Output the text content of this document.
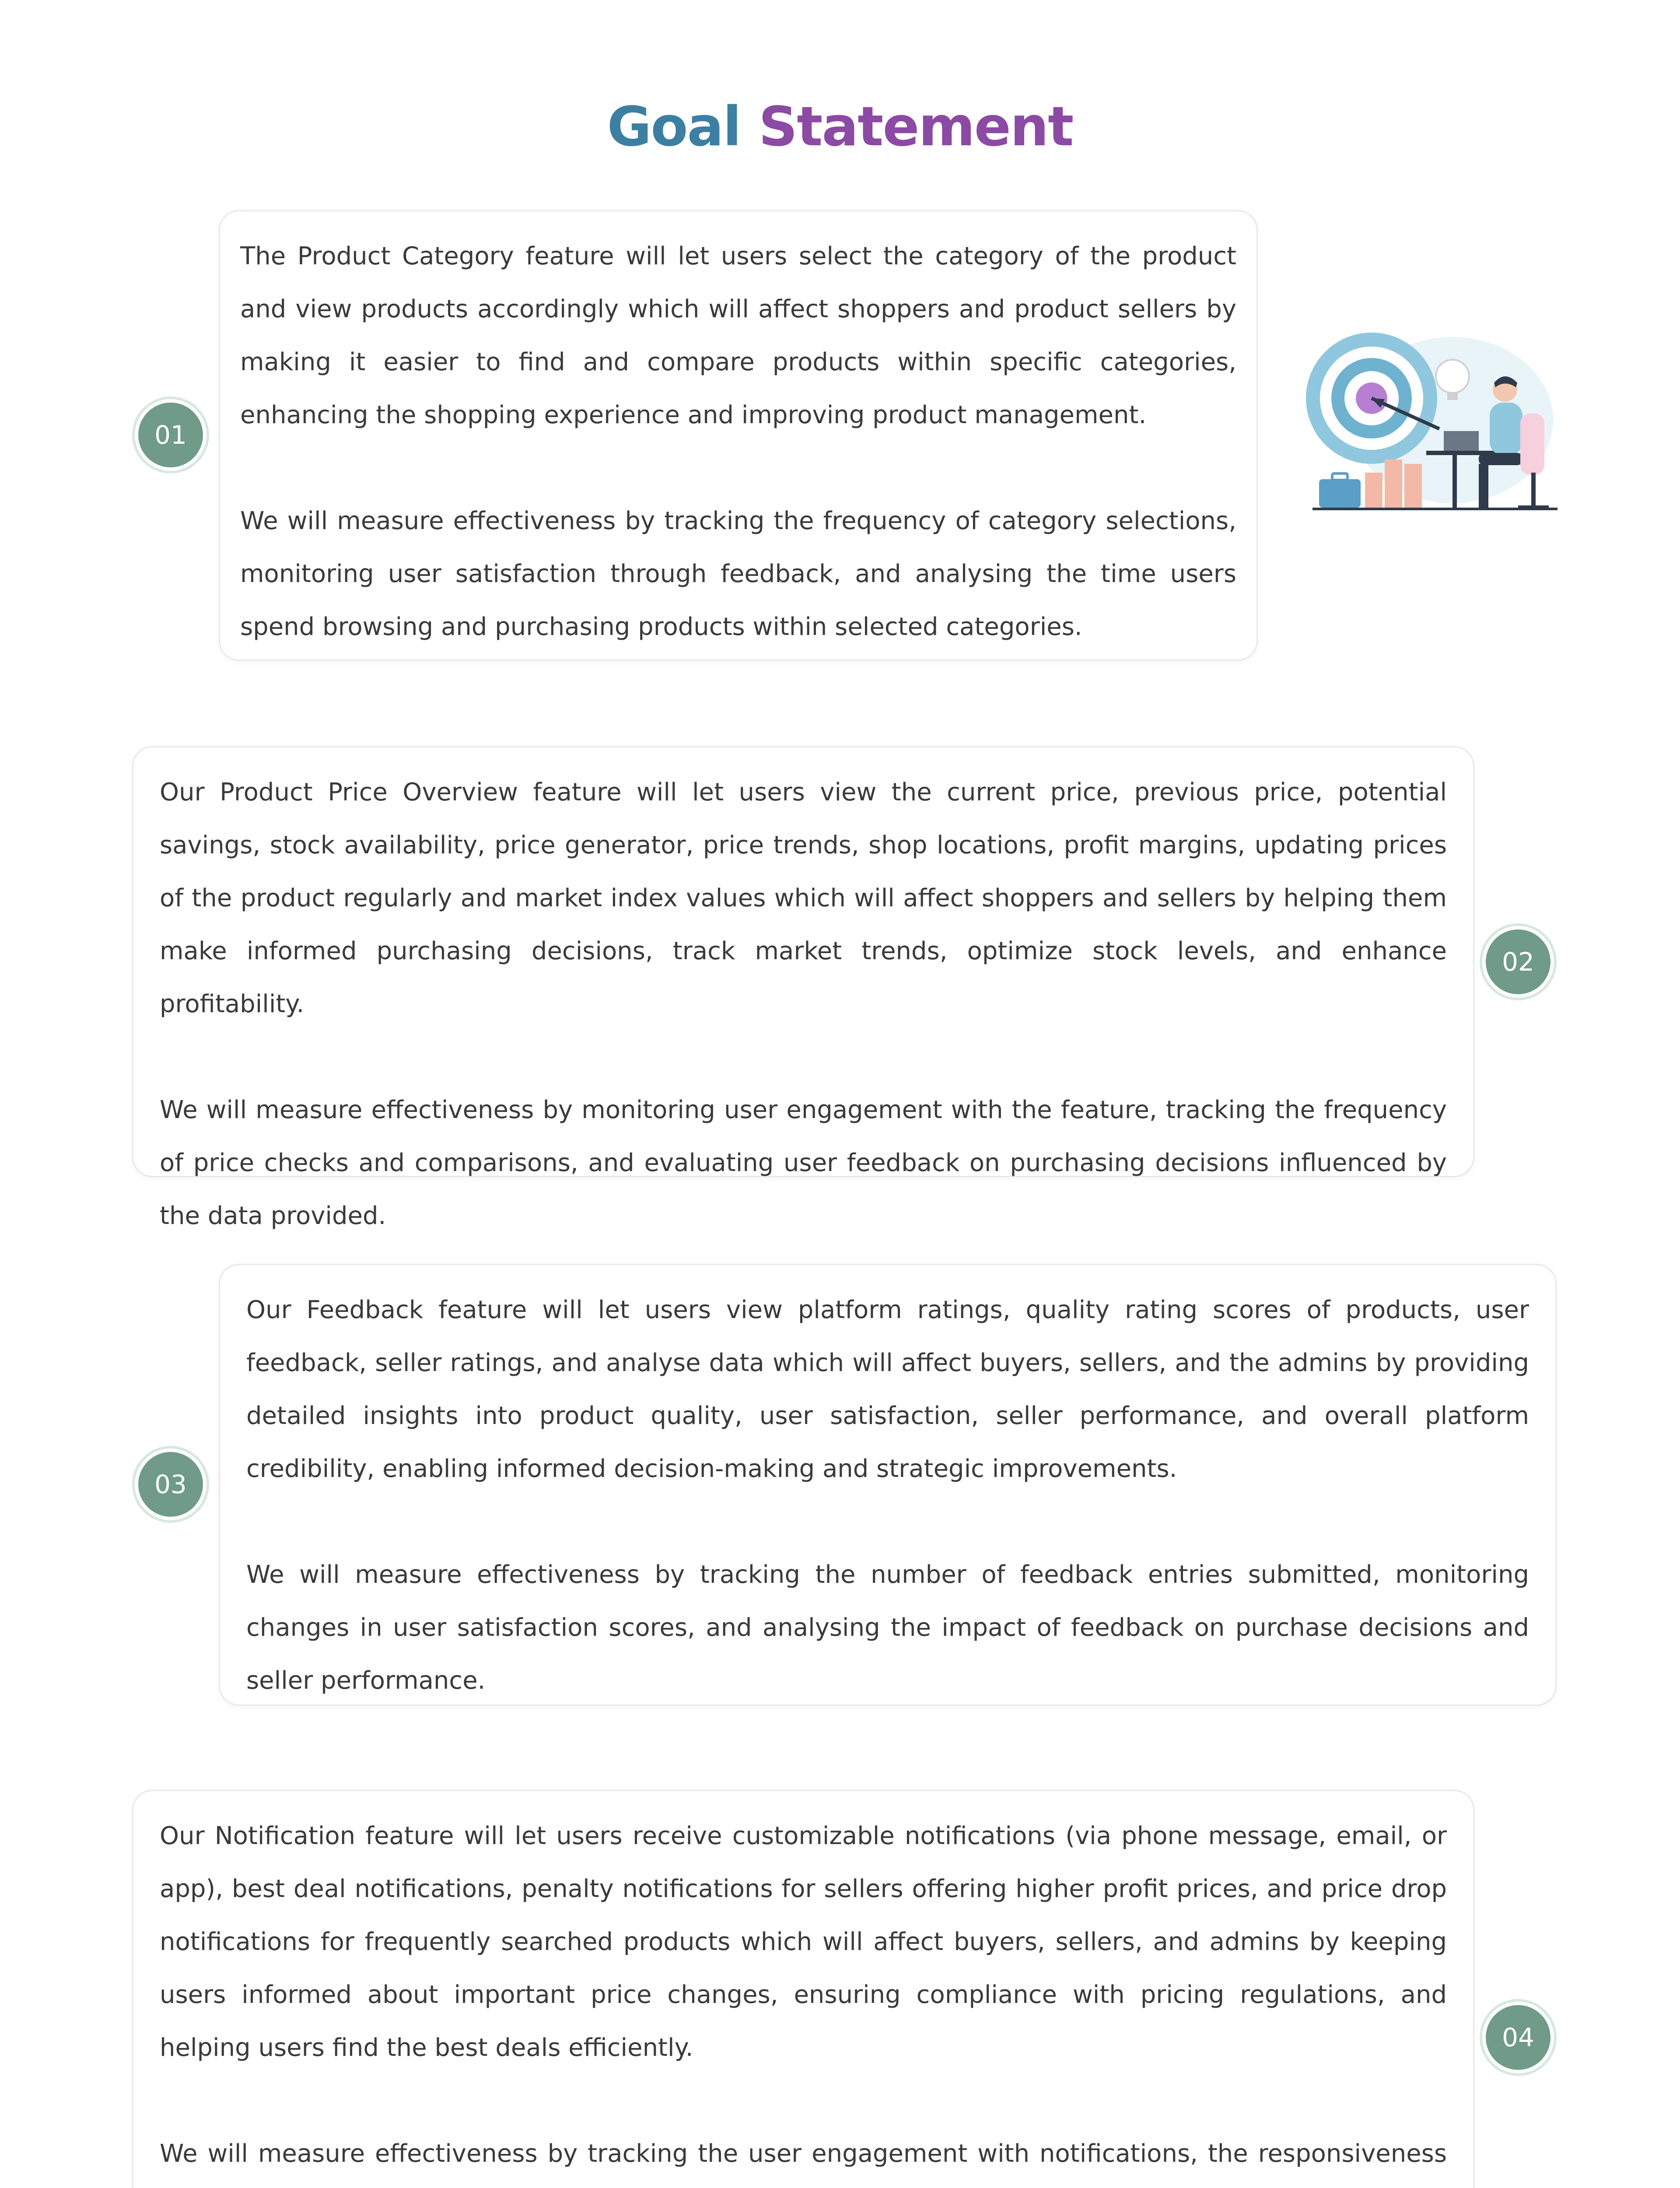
Goal Statement
01

The Product Category feature will let users select the category of the product and view products accordingly which will affect shoppers and product sellers by making it easier to find and compare products within specific categories, enhancing the shopping experience and improving product management.

We will measure effectiveness by tracking the frequency of category selections, monitoring user satisfaction through feedback, and analysing the time users spend browsing and purchasing products within selected categories.

Our Product Price Overview feature will let users view the current price, previous price, potential savings, stock availability, price generator, price trends, shop locations, profit margins, updating prices of the product regularly and market index values which will affect shoppers and sellers by helping them make informed purchasing decisions, track market trends, optimize stock levels, and enhance profitability.

We will measure effectiveness by monitoring user engagement with the feature, tracking the frequency of price checks and comparisons, and evaluating user feedback on purchasing decisions influenced by the data provided.

02
03

Our Feedback feature will let users view platform ratings, quality rating scores of products, user feedback, seller ratings, and analyse data which will affect buyers, sellers, and the admins by providing detailed insights into product quality, user satisfaction, seller performance, and overall platform credibility, enabling informed decision-making and strategic improvements.

We will measure effectiveness by tracking the number of feedback entries submitted, monitoring changes in user satisfaction scores, and analysing the impact of feedback on purchase decisions and seller performance.

Our Notification feature will let users receive customizable notifications (via phone message, email, or app), best deal notifications, penalty notifications for sellers offering higher profit prices, and price drop notifications for frequently searched products which will affect buyers, sellers, and admins by keeping users informed about important price changes, ensuring compliance with pricing regulations, and helping users find the best deals efficiently.

We will measure effectiveness by tracking the user engagement with notifications, the responsiveness

04
